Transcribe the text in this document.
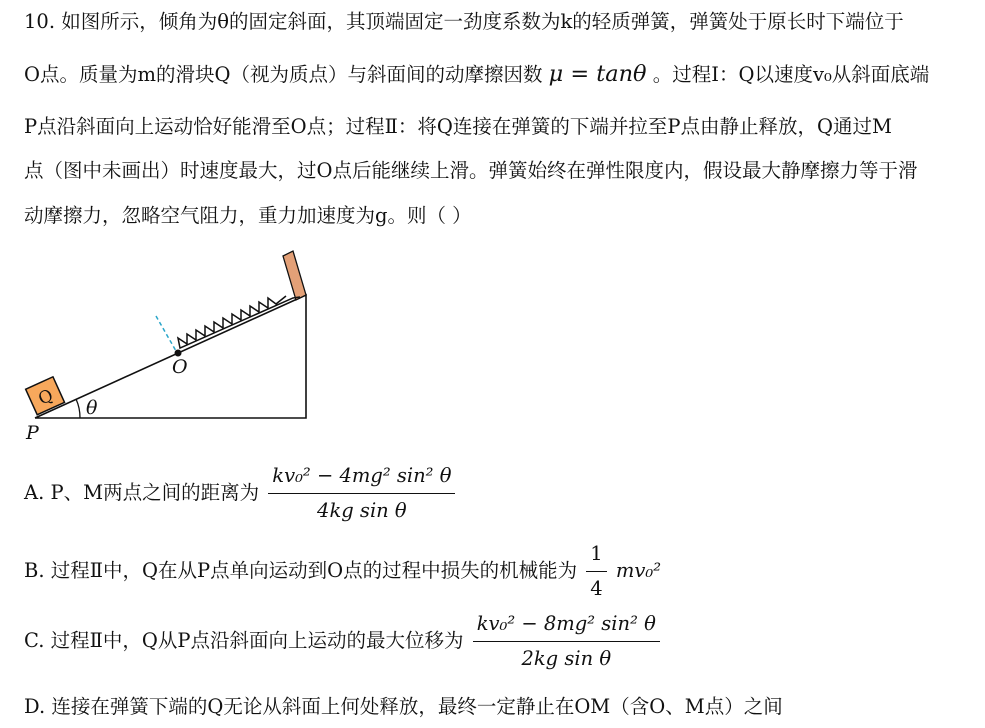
10. 如图所示，倾角为θ的固定斜面，其顶端固定一劲度系数为k的轻质弹簧，弹簧处于原长时下端位于
O点。质量为m的滑块Q（视为质点）与斜面间的动摩擦因数 μ = tanθ 。过程Ⅰ：Q以速度v₀从斜面底端
P点沿斜面向上运动恰好能滑至O点；过程Ⅱ：将Q连接在弹簧的下端并拉至P点由静止释放，Q通过M
点（图中未画出）时速度最大，过O点后能继续上滑。弹簧始终在弹性限度内，假设最大静摩擦力等于滑
动摩擦力，忽略空气阻力，重力加速度为g。则（ ）
O
θ
Q
P
A. P、M两点之间的距离为 $\frac{\text{kv₀² − 4mg² sin² θ}}{\text{4kg sin θ}}$
B. 过程Ⅱ中，Q在从P点单向运动到O点的过程中损失的机械能为 $\frac{1}{4} mv_0^2$
C. 过程Ⅱ中，Q从P点沿斜面向上运动的最大位移为 $\frac{\text{kv₀² − 8mg² sin² θ}}{\text{2kg sin θ}}$
D. 连接在弹簧下端的Q无论从斜面上何处释放，最终一定静止在OM（含O、M点）之间
